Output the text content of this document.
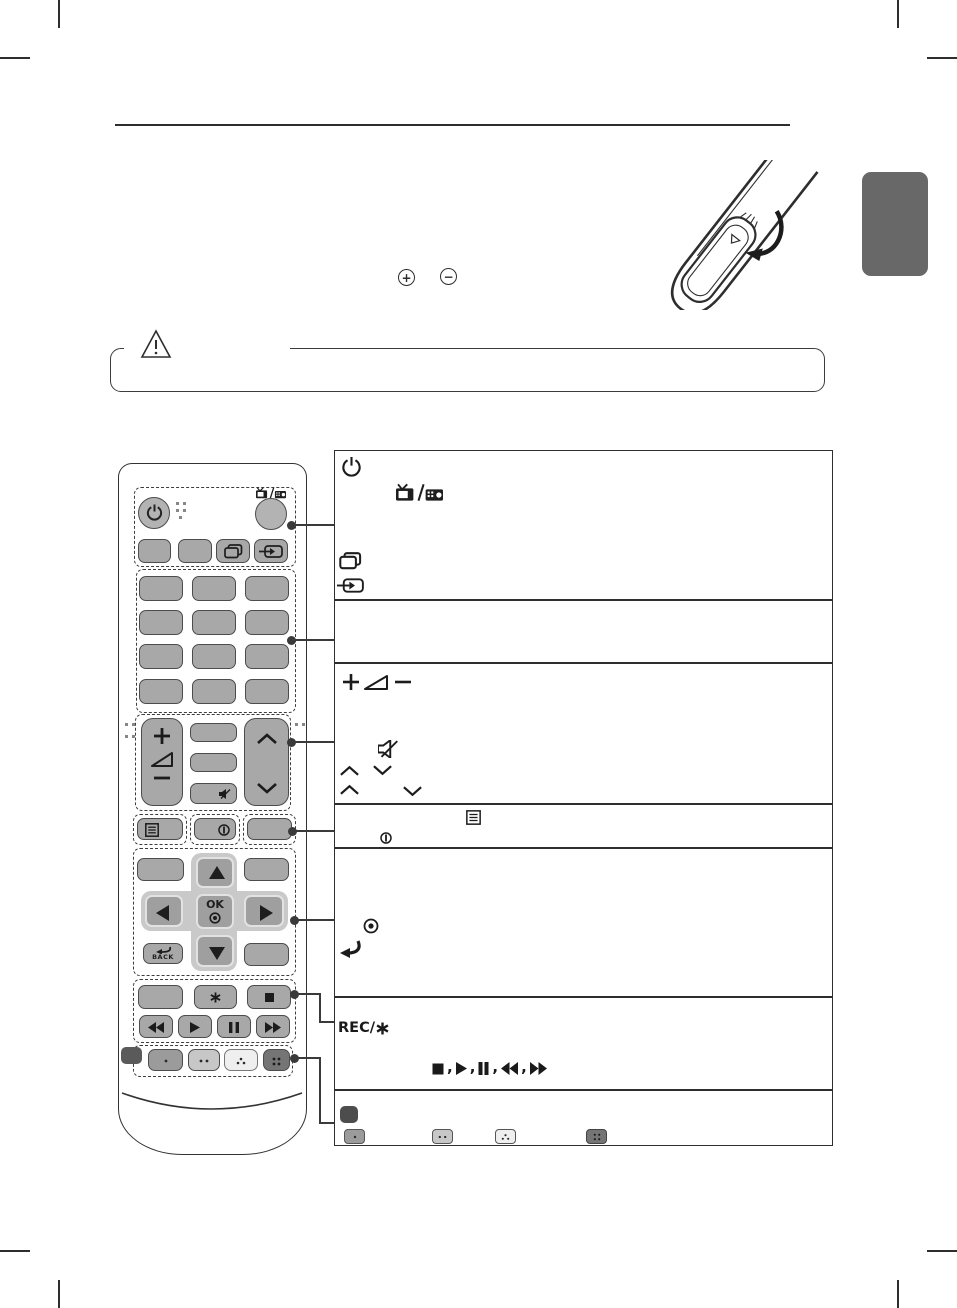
+	−
OK
BACK
REC/
, , , ,
